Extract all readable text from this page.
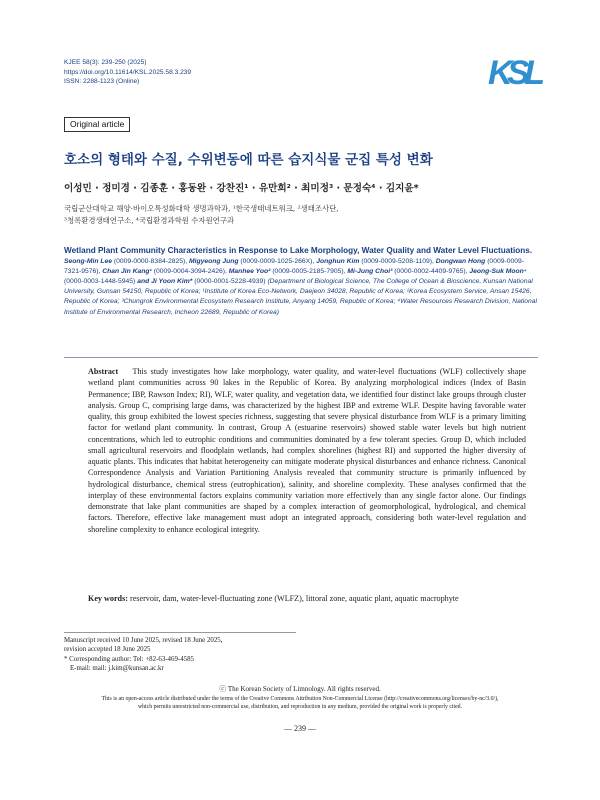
KJEE 58(3): 239-250 (2025)
https://doi.org/10.11614/KSL.2025.58.3.239
ISSN: 2288-1123 (Online)	KSL
Original article
호소의 형태와 수질, 수위변동에 따른 습지식물 군집 특성 변화
이성민 · 정미경 · 김종훈 · 홍동완 · 강찬진¹ · 유만희² · 최미정³ · 문정숙⁴ · 김지윤*
국립군산대학교 해양·바이오특성화대학 생명과학과, ¹한국생태네트워크, ²생태조사단,
³청록환경생태연구소, ⁴국립환경과학원 수자원연구과
Wetland Plant Community Characteristics in Response to Lake Morphology, Water Quality and Water Level Fluctuations. Seong-Min Lee (0009-0000-8384-2825), Migyeong Jung (0009-0009-1025-266X), Jonghun Kim (0009-0009-5208-1109), Dongwan Hong (0009-0009-7321-9576), Chan Jin Kang¹ (0009-0004-3094-2426), Manhee Yoo² (0009-0005-2185-7905), Mi-Jung Choi³ (0000-0002-4409-9765), Jeong-Suk Moon⁴ (0000-0003-1448-5945) and Ji Yoon Kim* (0000-0001-5228-4939) (Department of Biological Science, The College of Ocean & Bioscience, Kunsan National University, Gunsan 54150, Republic of Korea; ¹Institute of Korea Eco-Network, Daejeon 34028, Republic of Korea; ²Korea Ecosystem Service, Ansan 15426, Republic of Korea; ³Chungrok Environmental Ecosystem Research Institute, Anyang 14059, Republic of Korea; ⁴Water Resources Research Division, National Institute of Environmental Research, Incheon 22689, Republic of Korea)
Abstract This study investigates how lake morphology, water quality, and water-level fluctuations (WLF) collectively shape wetland plant communities across 90 lakes in the Republic of Korea. By analyzing morphological indices (Index of Basin Permanence; IBP, Rawson Index; RI), WLF, water quality, and vegetation data, we identified four distinct lake groups through cluster analysis. Group C, comprising large dams, was characterized by the highest IBP and extreme WLF. Despite having favorable water quality, this group exhibited the lowest species richness, suggesting that severe physical disturbance from WLF is a primary limiting factor for wetland plant community. In contrast, Group A (estuarine reservoirs) showed stable water levels but high nutrient concentrations, which led to eutrophic conditions and communities dominated by a few tolerant species. Group D, which included small agricultural reservoirs and floodplain wetlands, had complex shorelines (highest RI) and supported the higher diversity of aquatic plants. This indicates that habitat heterogeneity can mitigate moderate physical disturbances and enhance richness. Canonical Correspondence Analysis and Variation Partitioning Analysis revealed that community structure is primarily influenced by hydrological disturbance, chemical stress (eutrophication), salinity, and shoreline complexity. These analyses confirmed that the interplay of these environmental factors explains community variation more effectively than any single factor alone. Our findings demonstrate that lake plant communities are shaped by a complex interaction of geomorphological, hydrological, and chemical factors. Therefore, effective lake management must adopt an integrated approach, considering both water-level regulation and shoreline complexity to enhance ecological integrity.
Key words: reservoir, dam, water-level-fluctuating zone (WLFZ), littoral zone, aquatic plant, aquatic macrophyte
Manuscript received 10 June 2025, revised 18 June 2025,
revision accepted 18 June 2025
* Corresponding author: Tel: +82-63-469-4585
E-mail: mail: j.kim@kunsan.ac.kr
ⓒ The Korean Society of Limnology. All rights reserved.
This is an open-access article distributed under the terms of the Creative Commons Attribution Non-Commercial License (http://creativecommons.org/licenses/by-nc/3.0/),
which permits unrestricted non-commercial use, distribution, and reproduction in any medium, provided the original work is properly cited.
— 239 —
